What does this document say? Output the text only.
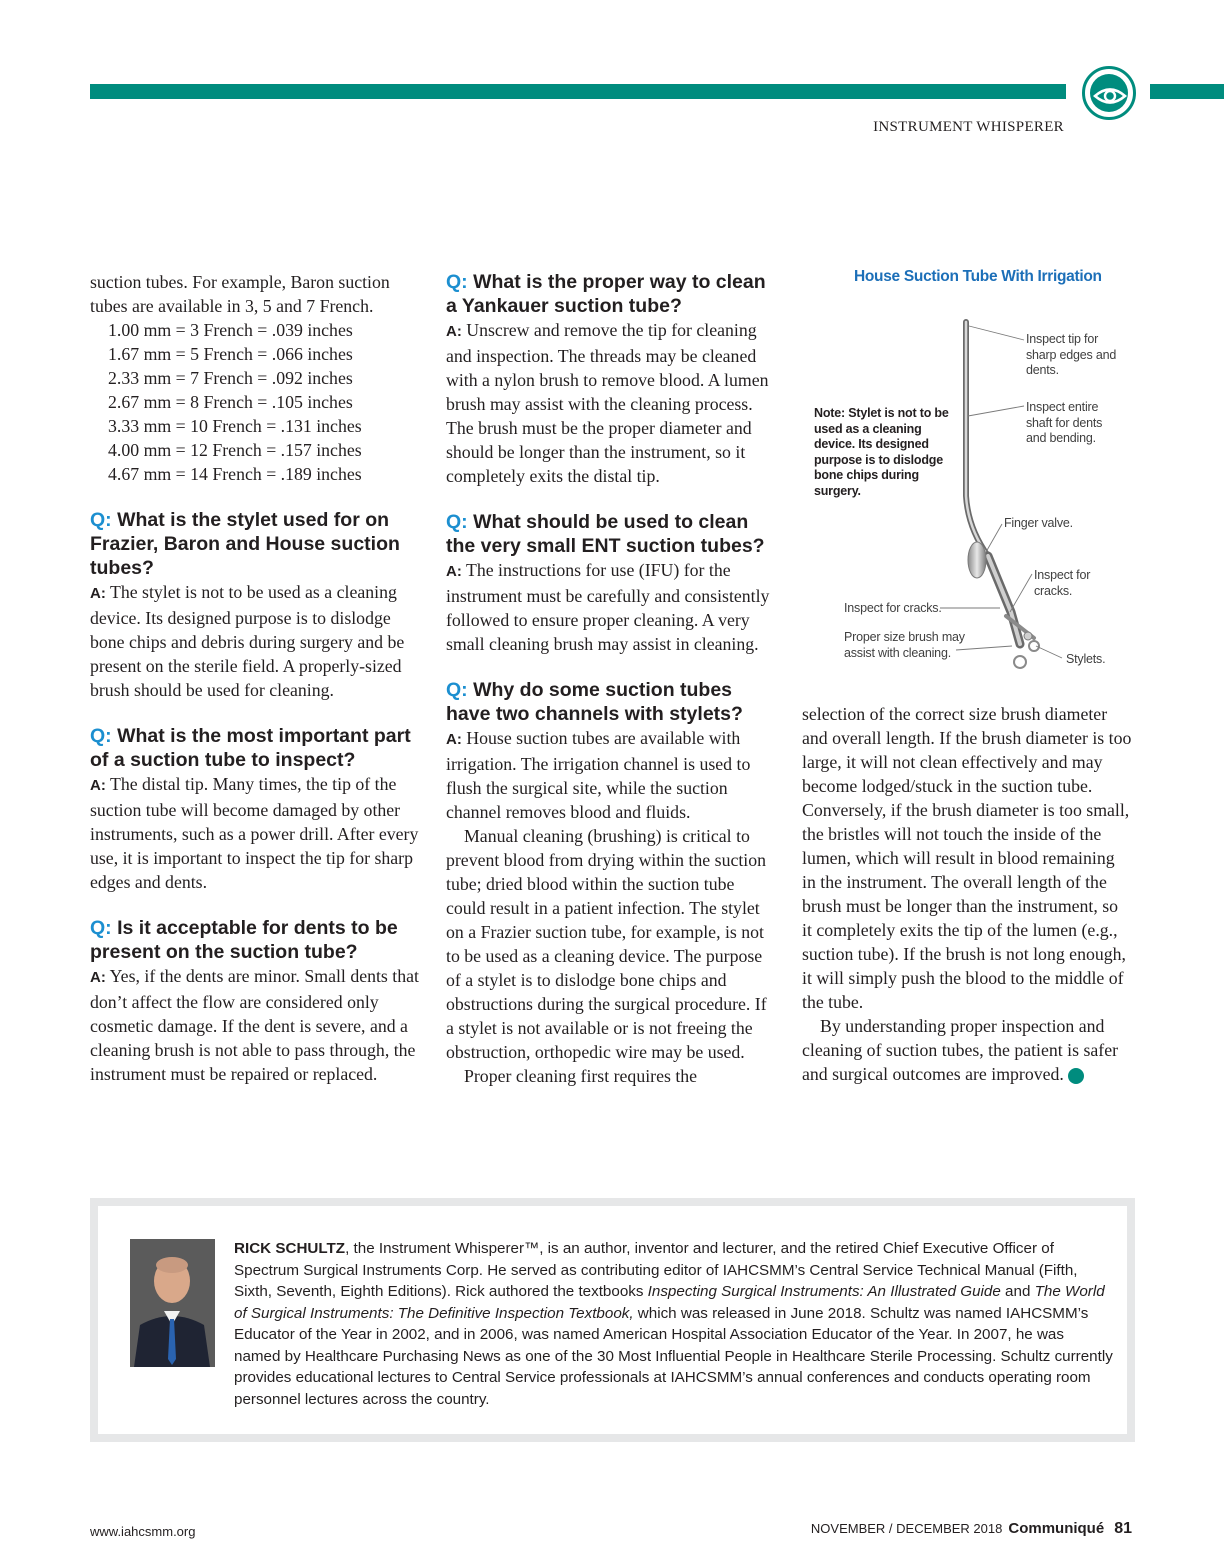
INSTRUMENT WHISPERER
suction tubes. For example, Baron suction tubes are available in 3, 5 and 7 French.
1.00 mm = 3 French = .039 inches
1.67 mm = 5 French = .066 inches
2.33 mm = 7 French = .092 inches
2.67 mm = 8 French = .105 inches
3.33 mm = 10 French = .131 inches
4.00 mm = 12 French = .157 inches
4.67 mm = 14 French = .189 inches
Q: What is the stylet used for on Frazier, Baron and House suction tubes?
A: The stylet is not to be used as a cleaning device. Its designed purpose is to dislodge bone chips and debris during surgery and be present on the sterile field. A properly-sized brush should be used for cleaning.
Q: What is the most important part of a suction tube to inspect?
A: The distal tip. Many times, the tip of the suction tube will become damaged by other instruments, such as a power drill. After every use, it is important to inspect the tip for sharp edges and dents.
Q: Is it acceptable for dents to be present on the suction tube?
A: Yes, if the dents are minor. Small dents that don’t affect the flow are considered only cosmetic damage. If the dent is severe, and a cleaning brush is not able to pass through, the instrument must be repaired or replaced.
Q: What is the proper way to clean a Yankauer suction tube?
A: Unscrew and remove the tip for cleaning and inspection. The threads may be cleaned with a nylon brush to remove blood. A lumen brush may assist with the cleaning process. The brush must be the proper diameter and should be longer than the instrument, so it completely exits the distal tip.
Q: What should be used to clean the very small ENT suction tubes?
A: The instructions for use (IFU) for the instrument must be carefully and consistently followed to ensure proper cleaning. A very small cleaning brush may assist in cleaning.
Q: Why do some suction tubes have two channels with stylets?
A: House suction tubes are available with irrigation. The irrigation channel is used to flush the surgical site, while the suction channel removes blood and fluids.
Manual cleaning (brushing) is critical to prevent blood from drying within the suction tube; dried blood within the suction tube could result in a patient infection. The stylet on a Frazier suction tube, for example, is not to be used as a cleaning device. The purpose of a stylet is to dislodge bone chips and obstructions during the surgical procedure. If a stylet is not available or is not freeing the obstruction, orthopedic wire may be used.
Proper cleaning first requires the
House Suction Tube With Irrigation
Note: Stylet is not to be used as a cleaning device. Its designed purpose is to dislodge bone chips during surgery.
Inspect tip for sharp edges and dents.
Inspect entire shaft for dents and bending.
Finger valve.
Inspect for cracks.
Inspect for cracks.
Proper size brush may assist with cleaning.	Stylets.
selection of the correct size brush diameter and overall length. If the brush diameter is too large, it will not clean effectively and may become lodged/stuck in the suction tube. Conversely, if the brush diameter is too small, the bristles will not touch the inside of the lumen, which will result in blood remaining in the instrument. The overall length of the brush must be longer than the instrument, so it completely exits the tip of the lumen (e.g., suction tube). If the brush is not long enough, it will simply push the blood to the middle of the tube.
By understanding proper inspection and cleaning of suction tubes, the patient is safer and surgical outcomes are improved. C
RICK SCHULTZ, the Instrument Whisperer™, is an author, inventor and lecturer, and the retired Chief Executive Officer of Spectrum Surgical Instruments Corp. He served as contributing editor of IAHCSMM’s Central Service Technical Manual (Fifth, Sixth, Seventh, Eighth Editions). Rick authored the textbooks Inspecting Surgical Instruments: An Illustrated Guide and The World of Surgical Instruments: The Definitive Inspection Textbook, which was released in June 2018. Schultz was named IAHCSMM’s Educator of the Year in 2002, and in 2006, was named American Hospital Association Educator of the Year. In 2007, he was named by Healthcare Purchasing News as one of the 30 Most Influential People in Healthcare Sterile Processing. Schultz currently provides educational lectures to Central Service professionals at IAHCSMM’s annual conferences and conducts operating room personnel lectures across the country.
www.iahcsmm.org	NOVEMBER / DECEMBER 2018 Communiqué 81
